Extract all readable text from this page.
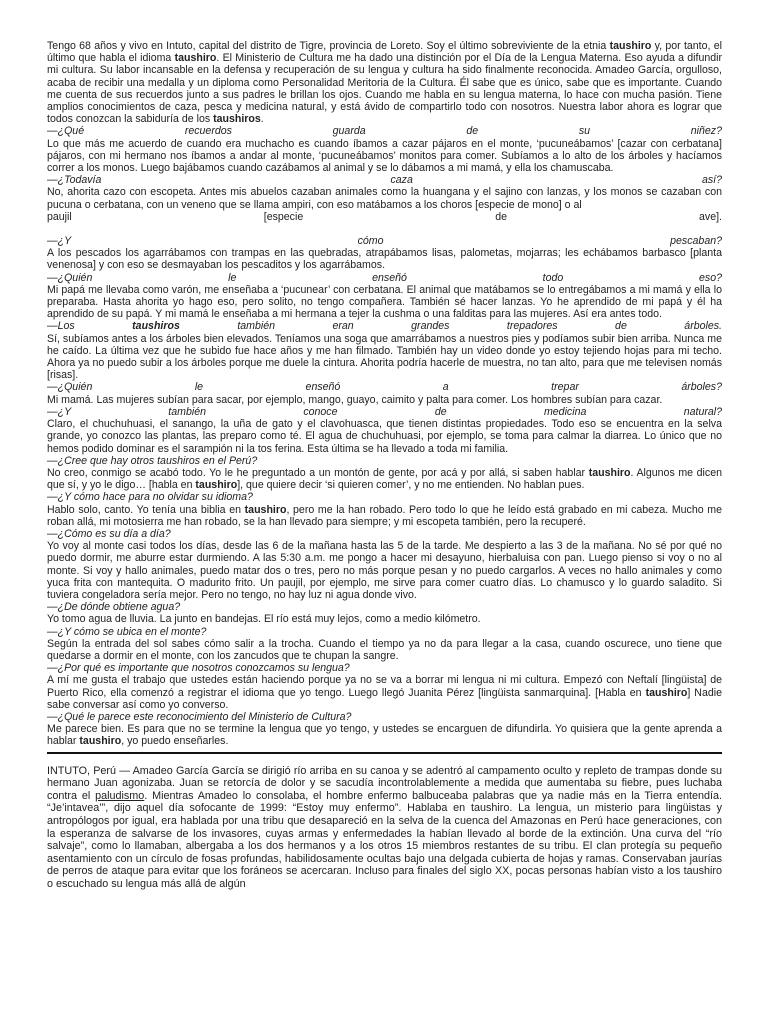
Tengo 68 años y vivo en Intuto, capital del distrito de Tigre, provincia de Loreto. Soy el último sobreviviente de la etnia taushiro y, por tanto, el último que habla el idioma taushiro. El Ministerio de Cultura me ha dado una distinción por el Día de la Lengua Materna. Eso ayuda a difundir mi cultura. Su labor incansable en la defensa y recuperación de su lengua y cultura ha sido finalmente reconocida. Amadeo García, orgulloso, acaba de recibir una medalla y un diploma como Personalidad Meritoria de la Cultura. Él sabe que es único, sabe que es importante. Cuando me cuenta de sus recuerdos junto a sus padres le brillan los ojos. Cuando me habla en su lengua materna, lo hace con mucha pasión. Tiene amplios conocimientos de caza, pesca y medicina natural, y está ávido de compartirlo todo con nosotros. Nuestra labor ahora es lograr que todos conozcan la sabiduría de los taushiros.

—¿Qué recuerdos guarda de su niñez?

Lo que más me acuerdo de cuando era muchacho es cuando íbamos a cazar pájaros en el monte, ‘pucuneábamos’ [cazar con cerbatana] pájaros, con mi hermano nos íbamos a andar al monte, ‘pucuneábamos’ monitos para comer. Subíamos a lo alto de los árboles y hacíamos correr a los monos. Luego bajábamos cuando cazábamos al animal y se lo dábamos a mi mamá, y ella los chamuscaba.

—¿Todavía caza así?

No, ahorita cazo con escopeta. Antes mis abuelos cazaban animales como la huangana y el sajino con lanzas, y los monos se cazaban con pucuna o cerbatana, con un veneno que se llama ampiri, con eso matábamos a los choros [especie de mono] o al
paujil [especie de ave].

—¿Y cómo pescaban?

A los pescados los agarrábamos con trampas en las quebradas, atrapábamos lisas, palometas, mojarras; les echábamos barbasco [planta venenosa] y con eso se desmayaban los pescaditos y los agarrábamos.

—¿Quién le enseñó todo eso?

Mi papá me llevaba como varón, me enseñaba a ‘pucunear’ con cerbatana. El animal que matábamos se lo entregábamos a mi mamá y ella lo preparaba. Hasta ahorita yo hago eso, pero solito, no tengo compañera. También sé hacer lanzas. Yo he aprendido de mi papá y él ha aprendido de su papá. Y mi mamá le enseñaba a mi hermana a tejer la cushma o una falditas para las mujeres. Así era antes todo.

—Los taushiros también eran grandes trepadores de árboles.

Sí, subíamos antes a los árboles bien elevados. Teníamos una soga que amarrábamos a nuestros pies y podíamos subir bien arriba. Nunca me he caído. La última vez que he subido fue hace años y me han filmado. También hay un video donde yo estoy tejiendo hojas para mi techo. Ahora ya no puedo subir a los árboles porque me duele la cintura. Ahorita podría hacerle de muestra, no tan alto, para que me televisen nomás [risas].

—¿Quién le enseñó a trepar árboles?

Mi mamá. Las mujeres subían para sacar, por ejemplo, mango, guayo, caimito y palta para comer. Los hombres subían para cazar.

—¿Y también conoce de medicina natural?

Claro, el chuchuhuasi, el sanango, la uña de gato y el clavohuasca, que tienen distintas propiedades. Todo eso se encuentra en la selva grande, yo conozco las plantas, las preparo como té. El agua de chuchuhuasi, por ejemplo, se toma para calmar la diarrea. Lo único que no hemos podido dominar es el sarampión ni la tos ferina. Esta última se ha llevado a toda mi familia.

—¿Cree que hay otros taushiros en el Perú?

No creo, conmigo se acabó todo. Yo le he preguntado a un montón de gente, por acá y por allá, si saben hablar taushiro. Algunos me dicen que sí, y yo le digo… [habla en taushiro], que quiere decir ‘si quieren comer’, y no me entienden. No hablan pues.

—¿Y cómo hace para no olvidar su idioma?

Hablo solo, canto. Yo tenía una biblia en taushiro, pero me la han robado. Pero todo lo que he leído está grabado en mi cabeza. Mucho me roban allá, mi motosierra me han robado, se la han llevado para siempre; y mi escopeta también, pero la recuperé.

—¿Cómo es su día a día?

Yo voy al monte casi todos los días, desde las 6 de la mañana hasta las 5 de la tarde. Me despierto a las 3 de la mañana. No sé por qué no puedo dormir, me aburre estar durmiendo. A las 5:30 a.m. me pongo a hacer mi desayuno, hierbaluisa con pan. Luego pienso si voy o no al monte. Si voy y hallo animales, puedo matar dos o tres, pero no más porque pesan y no puedo cargarlos. A veces no hallo animales y como yuca frita con mantequita. O madurito frito. Un paujil, por ejemplo, me sirve para comer cuatro días. Lo chamusco y lo guardo saladito. Si tuviera congeladora sería mejor. Pero no tengo, no hay luz ni agua donde vivo.

—¿De dónde obtiene agua?

Yo tomo agua de lluvia. La junto en bandejas. El río está muy lejos, como a medio kilómetro.

—¿Y cómo se ubica en el monte?

Según la entrada del sol sabes cómo salir a la trocha. Cuando el tiempo ya no da para llegar a la casa, cuando oscurece, uno tiene que quedarse a dormir en el monte, con los zancudos que te chupan la sangre.

—¿Por qué es importante que nosotros conozcamos su lengua?

A mí me gusta el trabajo que ustedes están haciendo porque ya no se va a borrar mi lengua ni mi cultura. Empezó con Neftalí [lingüista] de Puerto Rico, ella comenzó a registrar el idioma que yo tengo. Luego llegó Juanita Pérez [lingüista sanmarquina]. [Habla en taushiro] Nadie sabe conversar así como yo converso.

—¿Qué le parece este reconocimiento del Ministerio de Cultura?

Me parece bien. Es para que no se termine la lengua que yo tengo, y ustedes se encarguen de difundirla. Yo quisiera que la gente aprenda a hablar taushiro, yo puedo enseñarles.

INTUTO, Perú — Amadeo García García se dirigió río arriba en su canoa y se adentró al campamento oculto y repleto de trampas donde su hermano Juan agonizaba. Juan se retorcía de dolor y se sacudía incontrolablemente a medida que aumentaba su fiebre, pues luchaba contra el paludismo. Mientras Amadeo lo consolaba, el hombre enfermo balbuceaba palabras que ya nadie más en la Tierra entendía. “Je’intavea’”, dijo aquel día sofocante de 1999: “Estoy muy enfermo”. Hablaba en taushiro. La lengua, un misterio para lingüistas y antropólogos por igual, era hablada por una tribu que desapareció en la selva de la cuenca del Amazonas en Perú hace generaciones, con la esperanza de salvarse de los invasores, cuyas armas y enfermedades la habían llevado al borde de la extinción. Una curva del “río salvaje”, como lo llamaban, albergaba a los dos hermanos y a los otros 15 miembros restantes de su tribu. El clan protegía su pequeño asentamiento con un círculo de fosas profundas, habilidosamente ocultas bajo una delgada cubierta de hojas y ramas. Conservaban jaurías de perros de ataque para evitar que los foráneos se acercaran. Incluso para finales del siglo XX, pocas personas habían visto a los taushiro o escuchado su lengua más allá de algún
